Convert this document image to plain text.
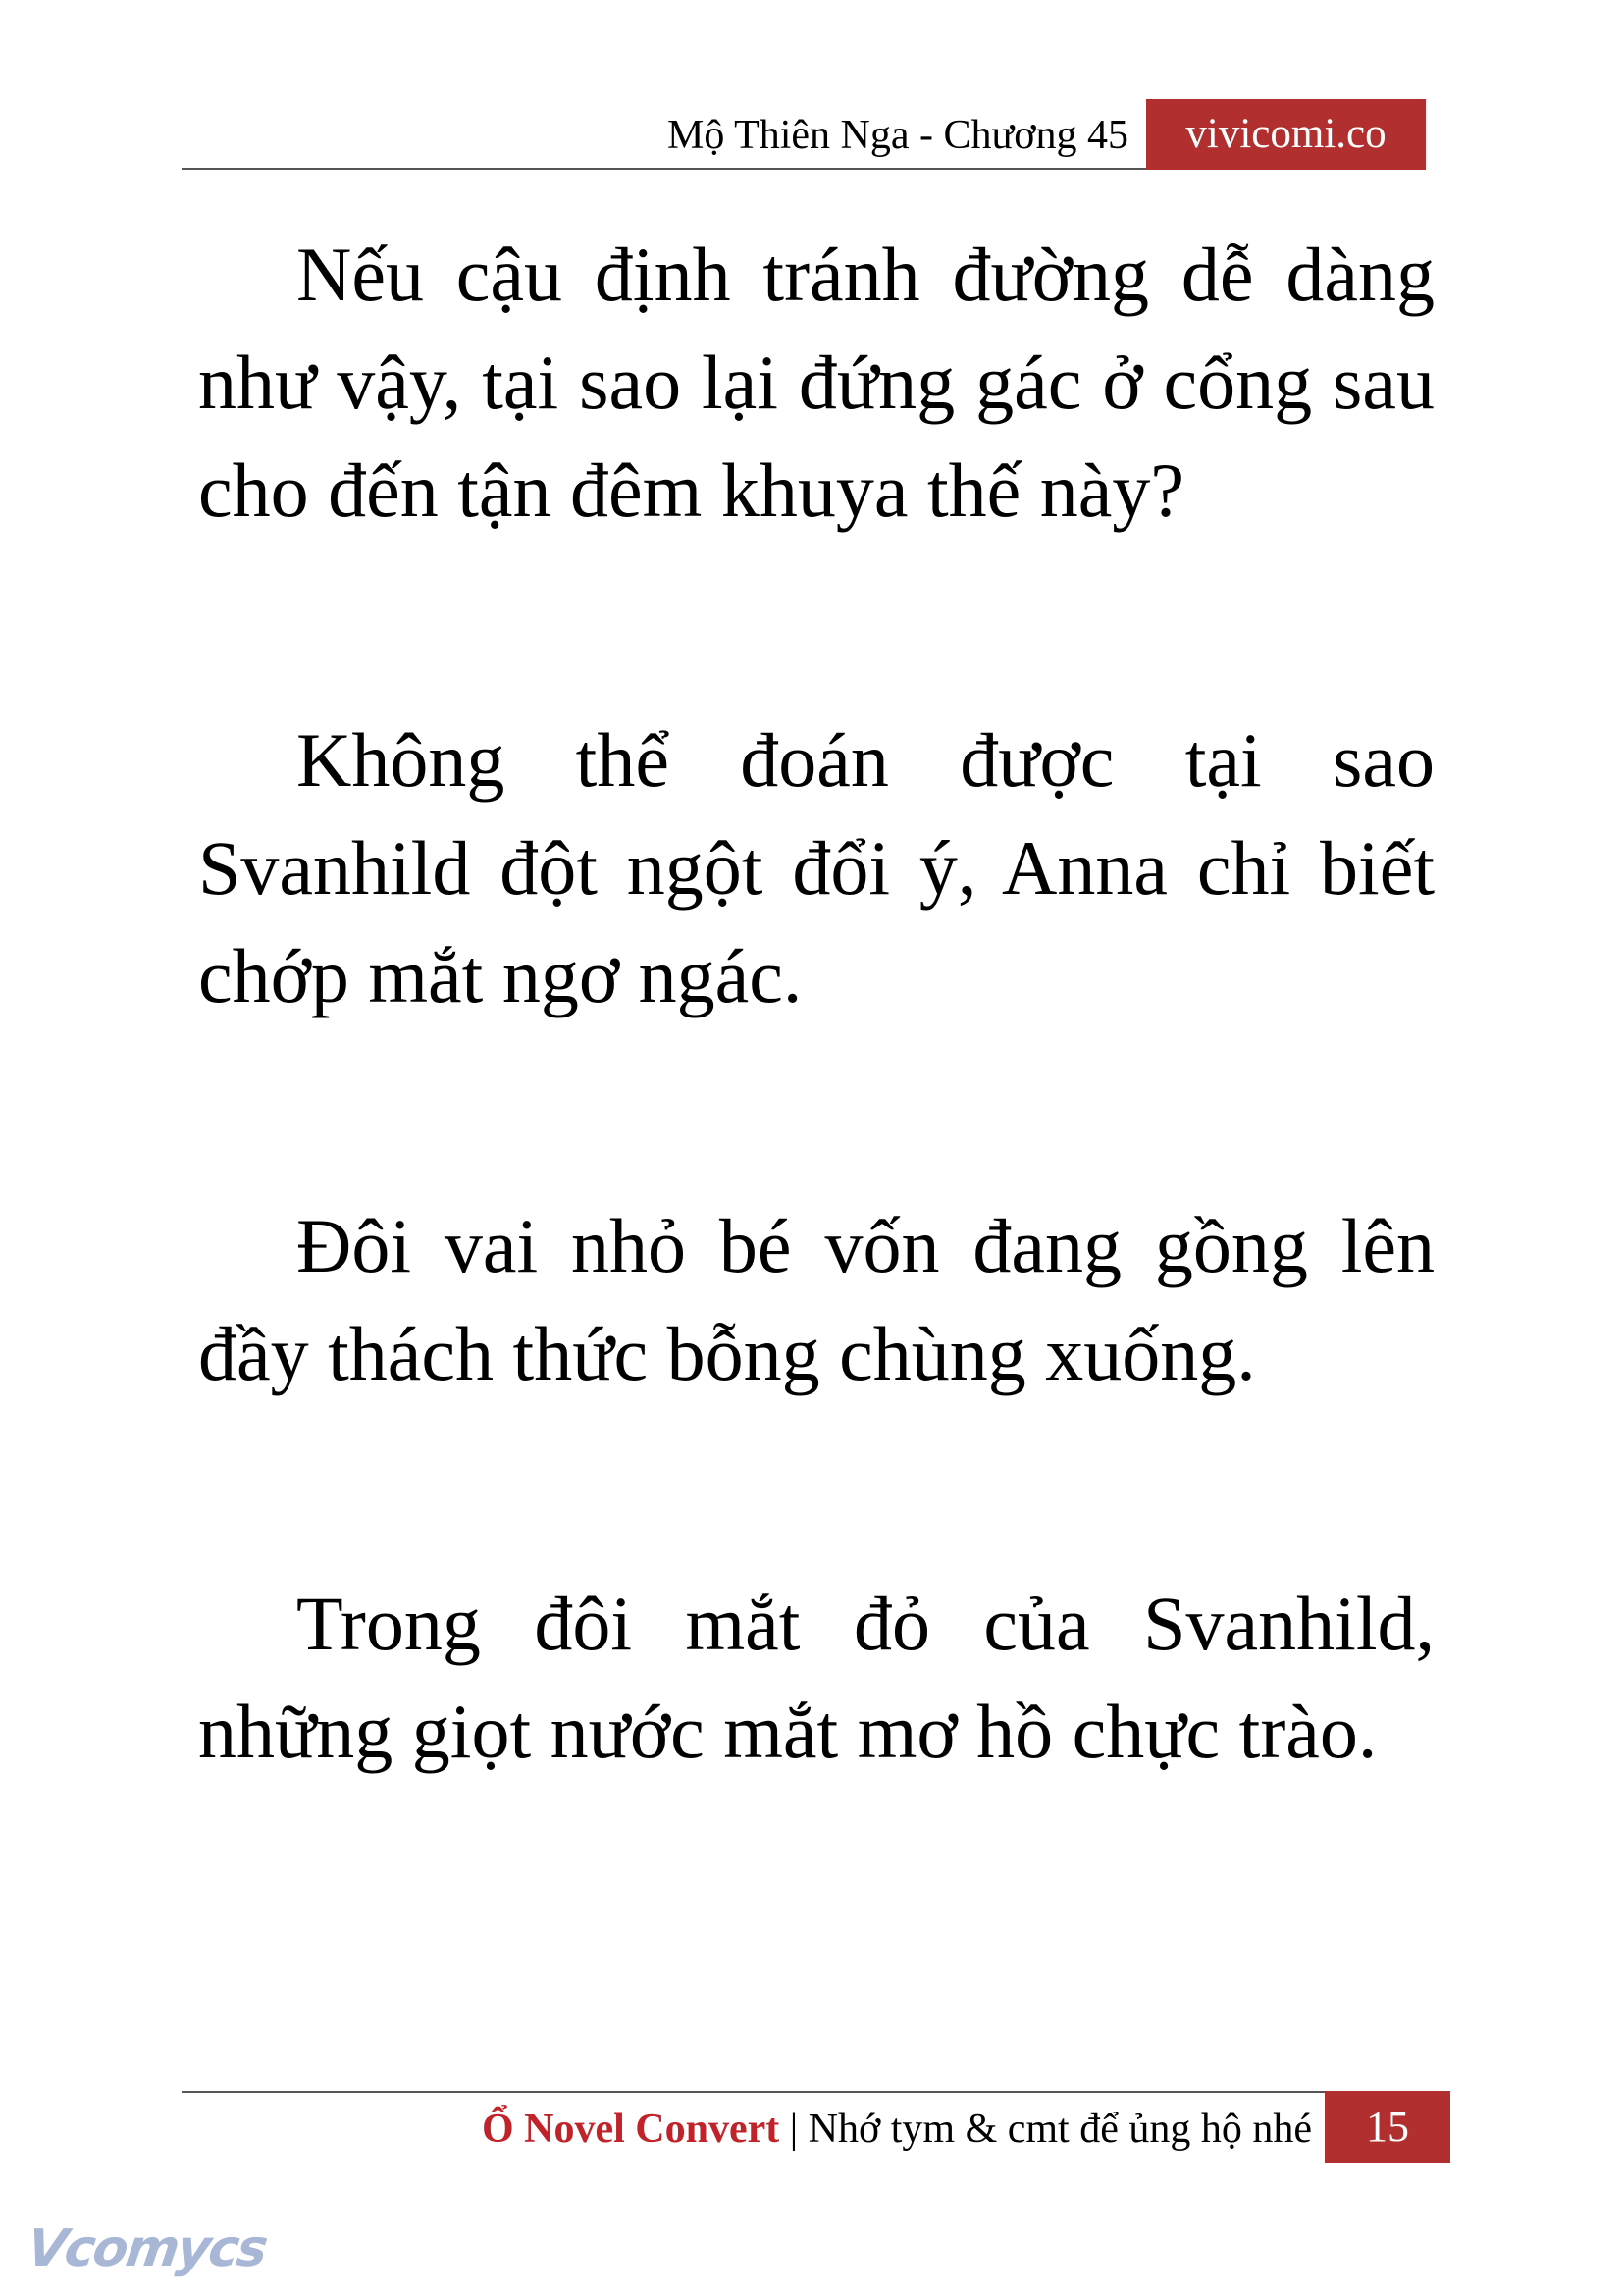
Mộ Thiên Nga - Chương 45	vivicomi.co

Nếu cậu định tránh đường dễ dàng như vậy, tại sao lại đứng gác ở cổng sau cho đến tận đêm khuya thế này?

Không thể đoán được tại sao Svanhild đột ngột đổi ý, Anna chỉ biết chớp mắt ngơ ngác.

Đôi vai nhỏ bé vốn đang gồng lên đầy thách thức bỗng chùng xuống.

Trong đôi mắt đỏ của Svanhild, những giọt nước mắt mơ hồ chực trào.

Ổ Novel Convert | Nhớ tym & cmt để ủng hộ nhé	15
Vcomycs
